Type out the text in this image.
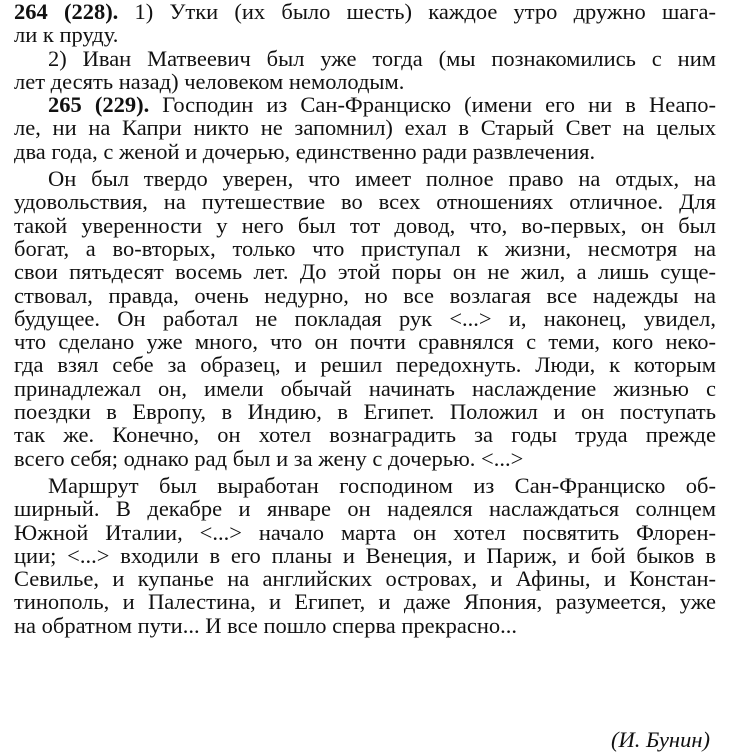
264 (228). 1) Утки (их было шесть) каждое утро дружно шага-
ли к пруду.
2) Иван Матвеевич был уже тогда (мы познакомились с ним
лет десять назад) человеком немолодым.
265 (229). Господин из Сан-Франциско (имени его ни в Неапо-
ле, ни на Капри никто не запомнил) ехал в Старый Свет на целых
два года, с женой и дочерью, единственно ради развлечения.
Он был твердо уверен, что имеет полное право на отдых, на
удовольствия, на путешествие во всех отношениях отличное. Для
такой уверенности у него был тот довод, что, во-первых, он был
богат, а во-вторых, только что приступал к жизни, несмотря на
свои пятьдесят восемь лет. До этой поры он не жил, а лишь суще-
ствовал, правда, очень недурно, но все возлагая все надежды на
будущее. Он работал не покладая рук <...> и, наконец, увидел,
что сделано уже много, что он почти сравнялся с теми, кого неко-
гда взял себе за образец, и решил передохнуть. Люди, к которым
принадлежал он, имели обычай начинать наслаждение жизнью с
поездки в Европу, в Индию, в Египет. Положил и он поступать
так же. Конечно, он хотел вознаградить за годы труда прежде
всего себя; однако рад был и за жену с дочерью. <...>
Маршрут был выработан господином из Сан-Франциско об-
ширный. В декабре и январе он надеялся наслаждаться солнцем
Южной Италии, <...> начало марта он хотел посвятить Флорен-
ции; <...> входили в его планы и Венеция, и Париж, и бой быков в
Севилье, и купанье на английских островах, и Афины, и Констан-
тинополь, и Палестина, и Египет, и даже Япония, разумеется, уже
на обратном пути... И все пошло сперва прекрасно...
(И. Бунин)
